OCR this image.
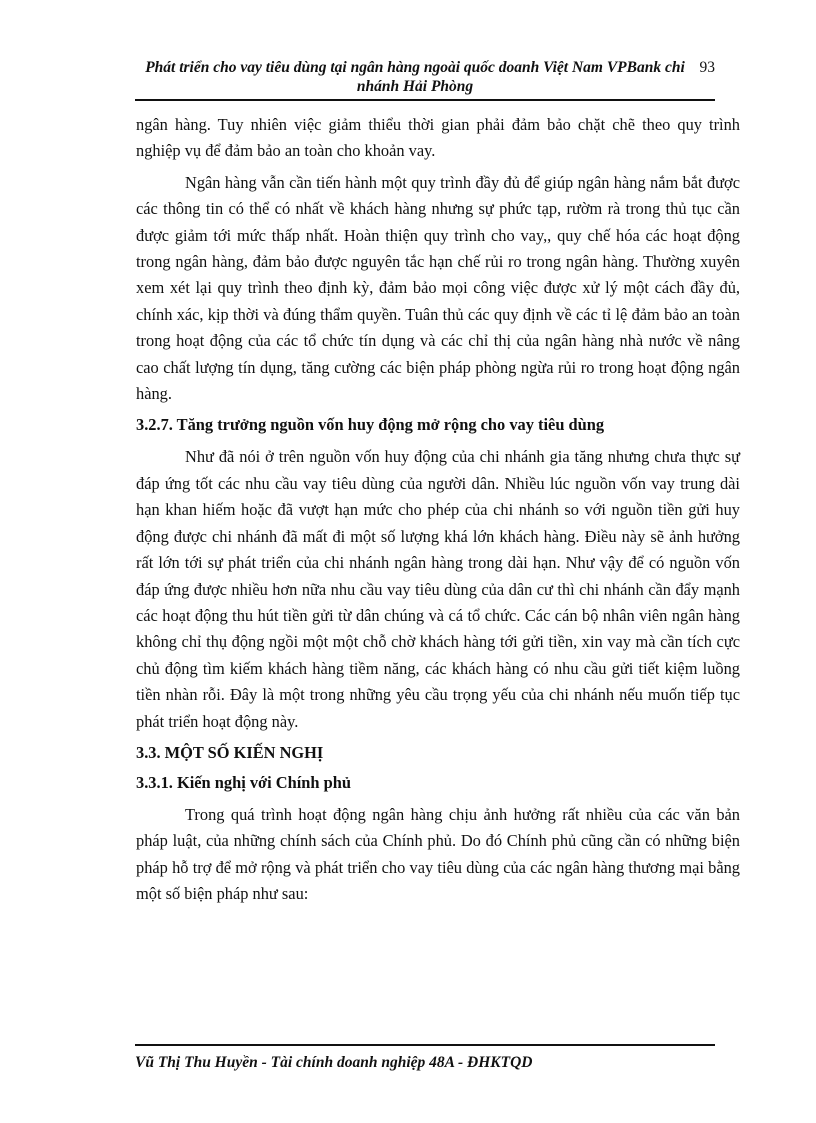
Phát triển cho vay tiêu dùng tại ngân hàng ngoài quốc doanh Việt Nam VPBank chi nhánh Hải Phòng
93

ngân hàng. Tuy nhiên việc giảm thiểu thời gian phải đảm bảo chặt chẽ theo quy trình nghiệp vụ để đảm bảo an toàn cho khoản vay.

Ngân hàng vẫn cần tiến hành một quy trình đầy đủ để giúp ngân hàng nắm bắt được các thông tin có thể có nhất về khách hàng nhưng sự phức tạp, rườm rà trong thủ tục cần được giảm tới mức thấp nhất. Hoàn thiện quy trình cho vay,, quy chế hóa các hoạt động trong ngân hàng, đảm bảo được nguyên tắc hạn chế rủi ro trong ngân hàng. Thường xuyên xem xét lại quy trình theo định kỳ, đảm bảo mọi công việc được xử lý một cách đầy đủ, chính xác, kịp thời và đúng thẩm quyền. Tuân thủ các quy định về các tỉ lệ đảm bảo an toàn trong hoạt động của các tổ chức tín dụng và các chỉ thị của ngân hàng nhà nước về nâng cao chất lượng tín dụng, tăng cường các biện pháp phòng ngừa rủi ro trong hoạt động ngân hàng.

3.2.7. Tăng trưởng nguồn vốn huy động mở rộng cho vay tiêu dùng

Như đã nói ở trên nguồn vốn huy động của chi nhánh gia tăng nhưng chưa thực sự đáp ứng tốt các nhu cầu vay tiêu dùng của người dân. Nhiều lúc nguồn vốn vay trung dài hạn khan hiếm hoặc đã vượt hạn mức cho phép của chi nhánh so với nguồn tiền gửi huy động được chi nhánh đã mất đi một số lượng khá lớn khách hàng. Điều này sẽ ảnh hưởng rất lớn tới sự phát triển của chi nhánh ngân hàng trong dài hạn. Như vậy để có nguồn vốn đáp ứng được nhiều hơn nữa nhu cầu vay tiêu dùng của dân cư thì chi nhánh cần đẩy mạnh các hoạt động thu hút tiền gửi từ dân chúng và cá tổ chức. Các cán bộ nhân viên ngân hàng không chỉ thụ động ngồi một một chỗ chờ khách hàng tới gửi tiền, xin vay mà cần tích cực chủ động tìm kiếm khách hàng tiềm năng, các khách hàng có nhu cầu gửi tiết kiệm luồng tiền nhàn rỗi. Đây là một trong những yêu cầu trọng yếu của chi nhánh nếu muốn tiếp tục phát triển hoạt động này.

3.3. MỘT SỐ KIẾN NGHỊ
3.3.1. Kiến nghị với Chính phủ

Trong quá trình hoạt động ngân hàng chịu ảnh hưởng rất nhiều của các văn bản pháp luật, của những chính sách của Chính phủ. Do đó Chính phủ cũng cần có những biện pháp hỗ trợ để mở rộng và phát triển cho vay tiêu dùng của các ngân hàng thương mại bằng một số biện pháp như sau:

Vũ Thị Thu Huyền - Tài chính doanh nghiệp 48A - ĐHKTQD
